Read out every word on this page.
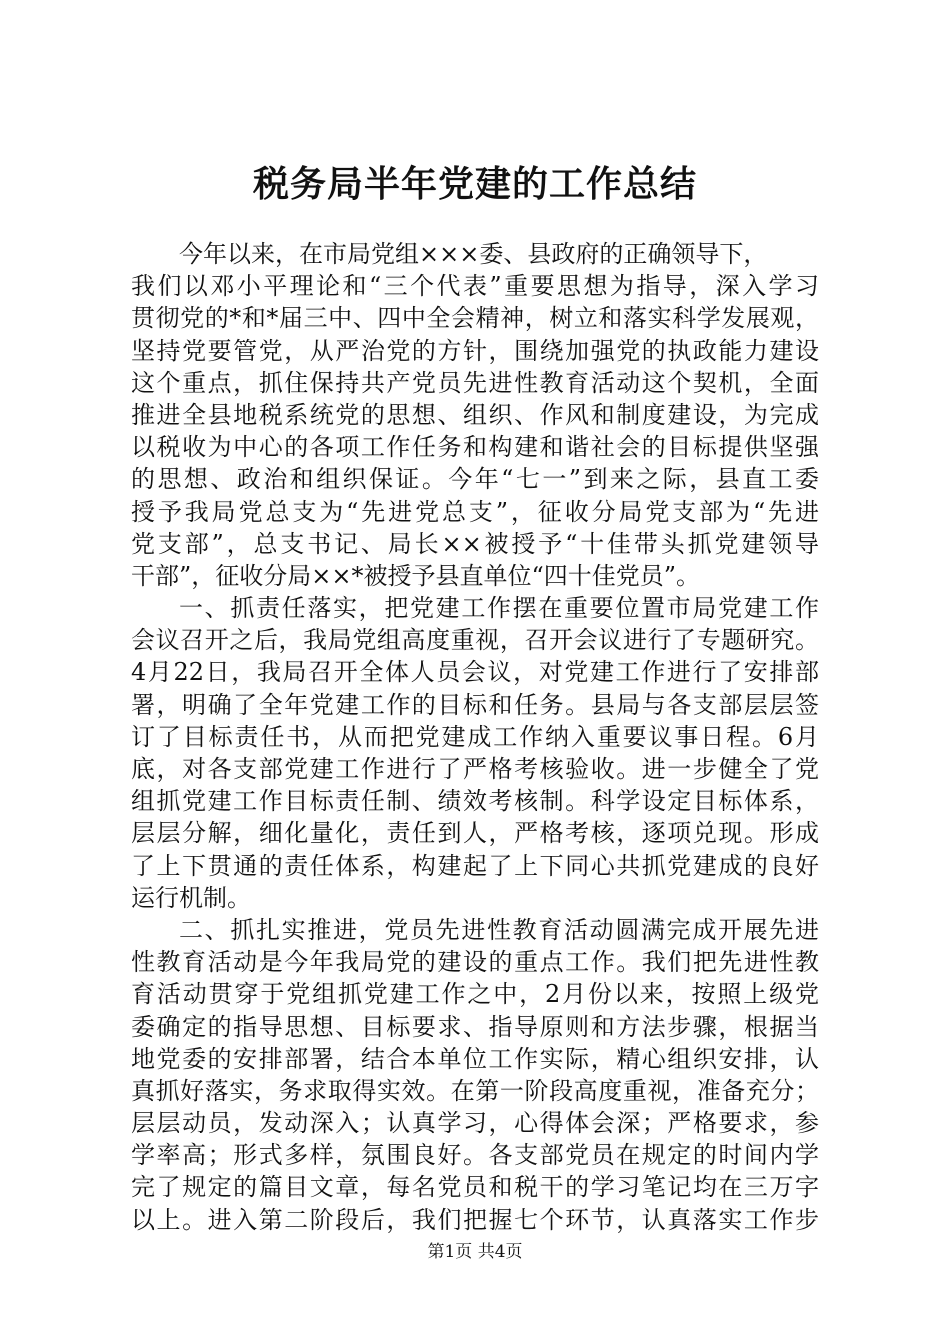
税务局半年党建的工作总结
今年以来，在市局党组×××委、县政府的正确领导下，
我们以邓小平理论和“三个代表”重要思想为指导，深入学习
贯彻党的*和*届三中、四中全会精神，树立和落实科学发展观，
坚持党要管党，从严治党的方针，围绕加强党的执政能力建设
这个重点，抓住保持共产党员先进性教育活动这个契机，全面
推进全县地税系统党的思想、组织、作风和制度建设，为完成
以税收为中心的各项工作任务和构建和谐社会的目标提供坚强
的思想、政治和组织保证。今年“七一”到来之际，县直工委
授予我局党总支为“先进党总支”，征收分局党支部为“先进
党支部”，总支书记、局长××被授予“十佳带头抓党建领导
干部”，征收分局××*被授予县直单位“四十佳党员”。
一、抓责任落实，把党建工作摆在重要位置市局党建工作
会议召开之后，我局党组高度重视，召开会议进行了专题研究。
4月22日，我局召开全体人员会议，对党建工作进行了安排部
署，明确了全年党建工作的目标和任务。县局与各支部层层签
订了目标责任书，从而把党建成工作纳入重要议事日程。6月
底，对各支部党建工作进行了严格考核验收。进一步健全了党
组抓党建工作目标责任制、绩效考核制。科学设定目标体系，
层层分解，细化量化，责任到人，严格考核，逐项兑现。形成
了上下贯通的责任体系，构建起了上下同心共抓党建成的良好
运行机制。
二、抓扎实推进，党员先进性教育活动圆满完成开展先进
性教育活动是今年我局党的建设的重点工作。我们把先进性教
育活动贯穿于党组抓党建工作之中，2月份以来，按照上级党
委确定的指导思想、目标要求、指导原则和方法步骤，根据当
地党委的安排部署，结合本单位工作实际，精心组织安排，认
真抓好落实，务求取得实效。在第一阶段高度重视，准备充分；
层层动员，发动深入；认真学习，心得体会深；严格要求，参
学率高；形式多样，氛围良好。各支部党员在规定的时间内学
完了规定的篇目文章，每名党员和税干的学习笔记均在三万字
以上。进入第二阶段后，我们把握七个环节，认真落实工作步
第1页 共4页
